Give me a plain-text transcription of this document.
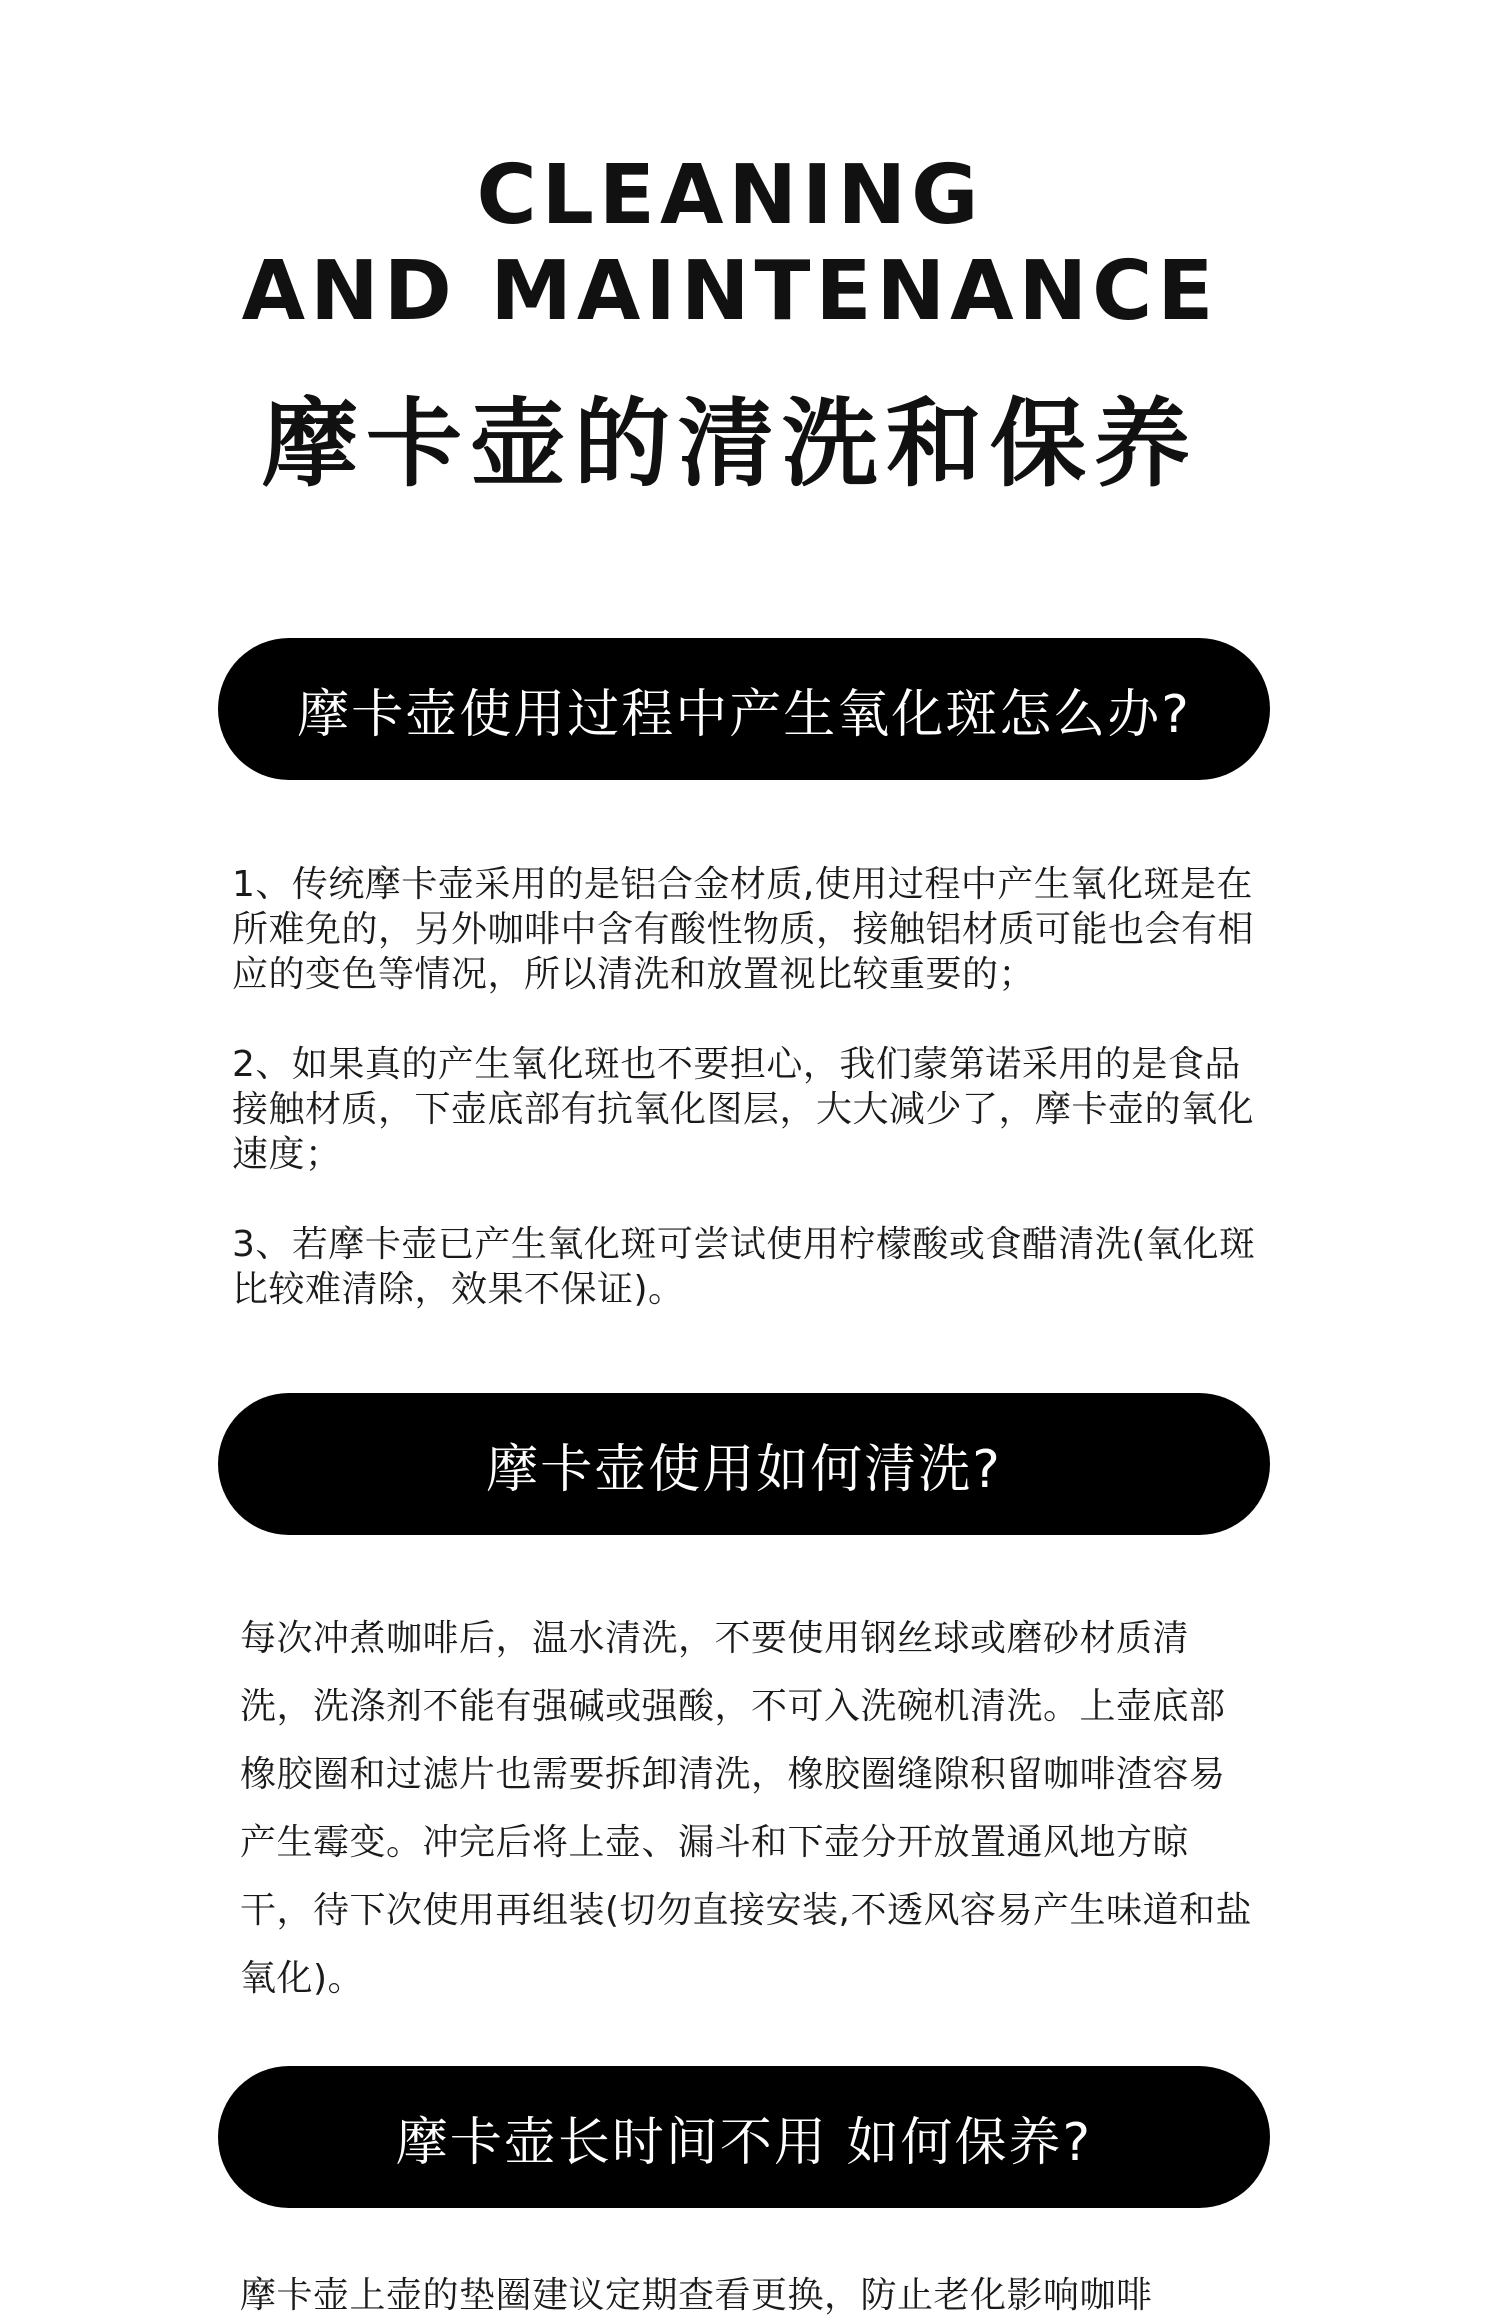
CLEANING
AND MAINTENANCE
摩卡壶的清洗和保养
摩卡壶使用过程中产生氧化斑怎么办?

1、传统摩卡壶采用的是铝合金材质,使用过程中产生氧化斑是在所难免的，另外咖啡中含有酸性物质，接触铝材质可能也会有相应的变色等情况，所以清洗和放置视比较重要的；

2、如果真的产生氧化斑也不要担心，我们蒙第诺采用的是食品接触材质，下壶底部有抗氧化图层，大大减少了，摩卡壶的氧化速度；

3、若摩卡壶已产生氧化斑可尝试使用柠檬酸或食醋清洗(氧化斑比较难清除，效果不保证)。

摩卡壶使用如何清洗?

每次冲煮咖啡后，温水清洗，不要使用钢丝球或磨砂材质清洗，洗涤剂不能有强碱或强酸，不可入洗碗机清洗。上壶底部橡胶圈和过滤片也需要拆卸清洗，橡胶圈缝隙积留咖啡渣容易产生霉变。冲完后将上壶、漏斗和下壶分开放置通风地方晾干，待下次使用再组装(切勿直接安装,不透风容易产生味道和盐氧化)。

摩卡壶长时间不用 如何保养?

摩卡壶上壶的垫圈建议定期查看更换，防止老化影响咖啡
